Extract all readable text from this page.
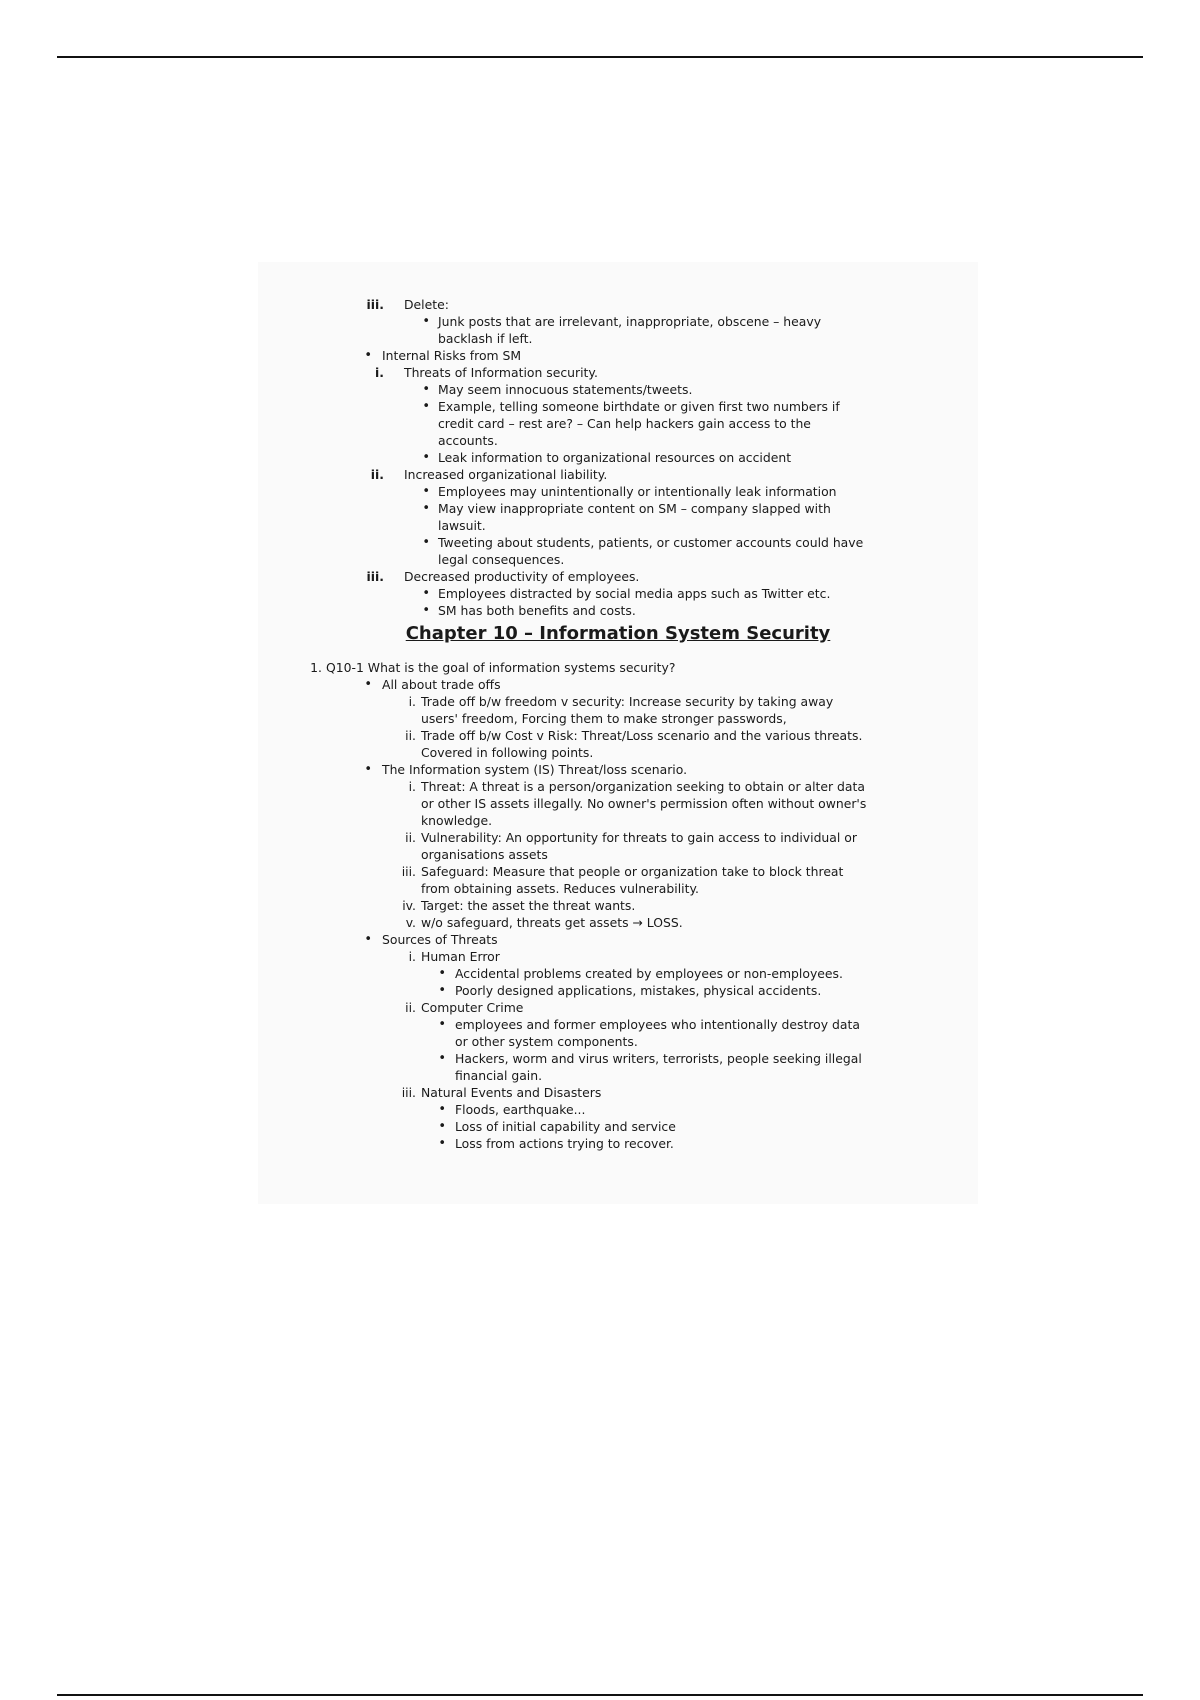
iii. Delete:
• Junk posts that are irrelevant, inappropriate, obscene – heavy
backlash if left.
• Internal Risks from SM
i. Threats of Information security.
• May seem innocuous statements/tweets.
• Example, telling someone birthdate or given first two numbers if
credit card – rest are? – Can help hackers gain access to the
accounts.
• Leak information to organizational resources on accident
ii. Increased organizational liability.
• Employees may unintentionally or intentionally leak information
• May view inappropriate content on SM – company slapped with
lawsuit.
• Tweeting about students, patients, or customer accounts could have
legal consequences.
iii. Decreased productivity of employees.
• Employees distracted by social media apps such as Twitter etc.
• SM has both benefits and costs.
Chapter 10 – Information System Security
1. Q10-1 What is the goal of information systems security?
• All about trade offs
i. Trade off b/w freedom v security: Increase security by taking away
users' freedom, Forcing them to make stronger passwords,
ii. Trade off b/w Cost v Risk: Threat/Loss scenario and the various threats.
Covered in following points.
• The Information system (IS) Threat/loss scenario.
i. Threat: A threat is a person/organization seeking to obtain or alter data
or other IS assets illegally. No owner's permission often without owner's
knowledge.
ii. Vulnerability: An opportunity for threats to gain access to individual or
organisations assets
iii. Safeguard: Measure that people or organization take to block threat
from obtaining assets. Reduces vulnerability.
iv. Target: the asset the threat wants.
v. w/o safeguard, threats get assets → LOSS.
• Sources of Threats
i. Human Error
• Accidental problems created by employees or non-employees.
• Poorly designed applications, mistakes, physical accidents.
ii. Computer Crime
• employees and former employees who intentionally destroy data
or other system components.
• Hackers, worm and virus writers, terrorists, people seeking illegal
financial gain.
iii. Natural Events and Disasters
• Floods, earthquake...
• Loss of initial capability and service
• Loss from actions trying to recover.
